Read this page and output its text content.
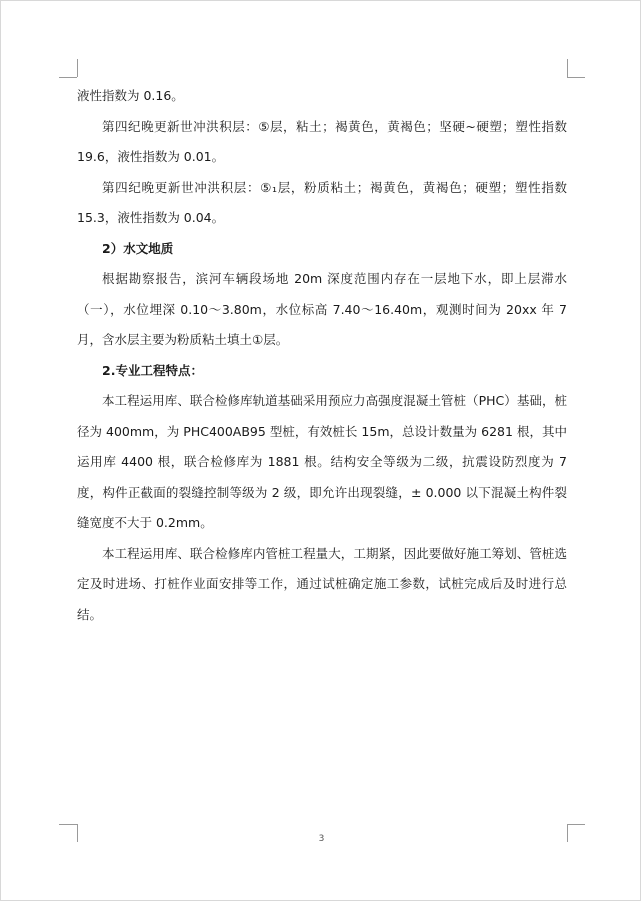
液性指数为 0.16。

第四纪晚更新世冲洪积层：⑤层，粘土；褐黄色，黄褐色；坚硬~硬塑；塑性指数 19.6，液性指数为 0.01。

第四纪晚更新世冲洪积层：⑤₁层，粉质粘土；褐黄色，黄褐色；硬塑；塑性指数 15.3，液性指数为 0.04。

2）水文地质

根据勘察报告，滨河车辆段场地 20m 深度范围内存在一层地下水，即上层滞水（一），水位埋深 0.10～3.80m，水位标高 7.40～16.40m，观测时间为 20xx 年 7 月，含水层主要为粉质粘土填土①层。

2.专业工程特点：

本工程运用库、联合检修库轨道基础采用预应力高强度混凝土管桩（PHC）基础，桩径为 400mm，为 PHC400AB95 型桩，有效桩长 15m，总设计数量为 6281 根，其中运用库 4400 根，联合检修库为 1881 根。结构安全等级为二级，抗震设防烈度为 7 度，构件正截面的裂缝控制等级为 2 级，即允许出现裂缝，± 0.000 以下混凝土构件裂缝宽度不大于 0.2mm。

本工程运用库、联合检修库内管桩工程量大，工期紧，因此要做好施工筹划、管桩选定及时进场、打桩作业面安排等工作，通过试桩确定施工参数，试桩完成后及时进行总结。

3
